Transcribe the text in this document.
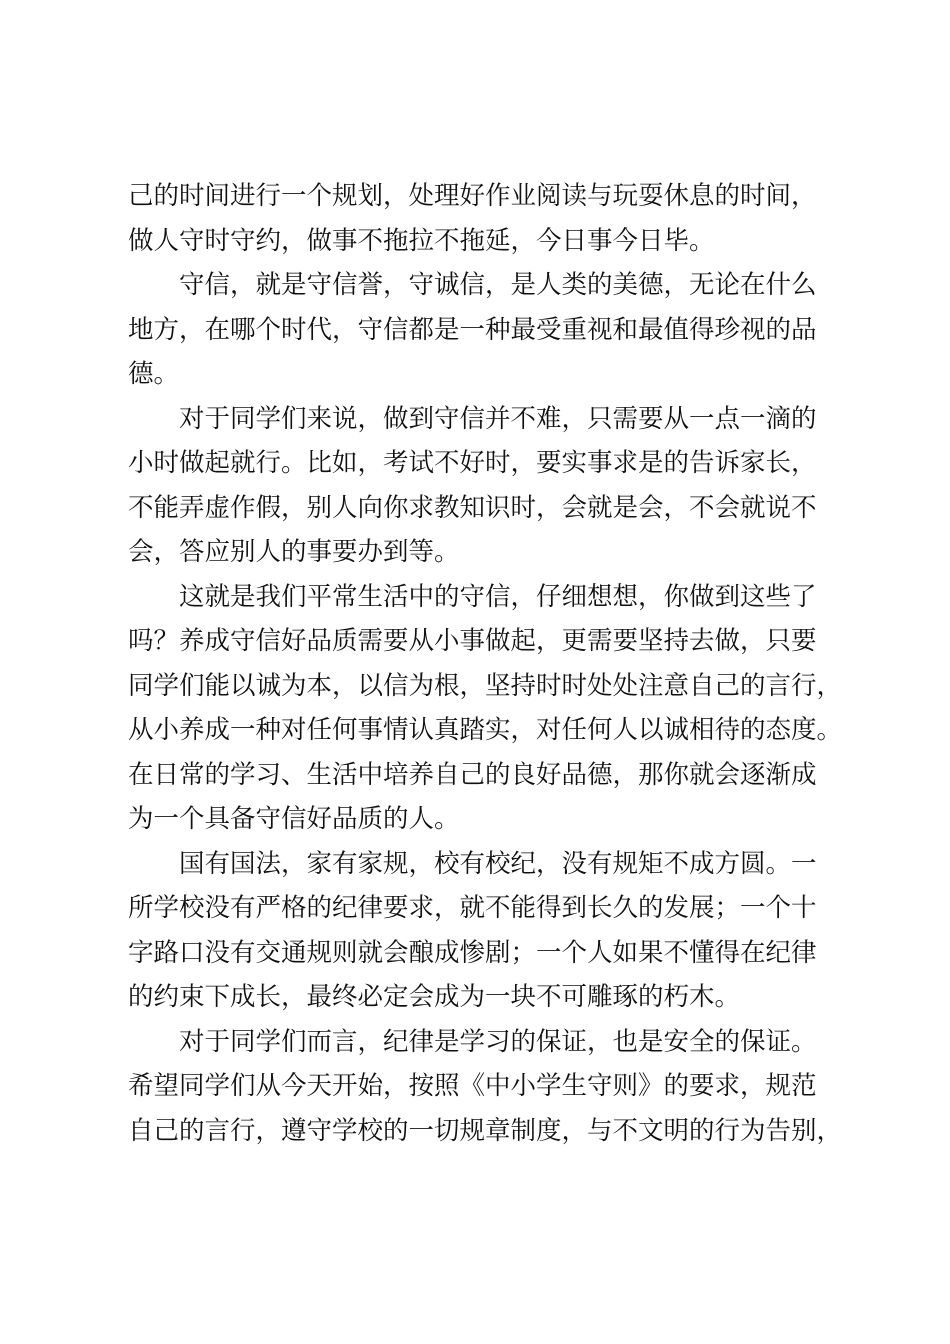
己的时间进行一个规划，处理好作业阅读与玩耍休息的时间，
做人守时守约，做事不拖拉不拖延，今日事今日毕。
守信，就是守信誉，守诚信，是人类的美德，无论在什么
地方，在哪个时代，守信都是一种最受重视和最值得珍视的品
德。
对于同学们来说，做到守信并不难，只需要从一点一滴的
小时做起就行。比如，考试不好时，要实事求是的告诉家长，
不能弄虚作假，别人向你求教知识时，会就是会，不会就说不
会，答应别人的事要办到等。
这就是我们平常生活中的守信，仔细想想，你做到这些了
吗？养成守信好品质需要从小事做起，更需要坚持去做，只要
同学们能以诚为本，以信为根，坚持时时处处注意自己的言行，
从小养成一种对任何事情认真踏实，对任何人以诚相待的态度。
在日常的学习、生活中培养自己的良好品德，那你就会逐渐成
为一个具备守信好品质的人。
国有国法，家有家规，校有校纪，没有规矩不成方圆。一
所学校没有严格的纪律要求，就不能得到长久的发展；一个十
字路口没有交通规则就会酿成惨剧；一个人如果不懂得在纪律
的约束下成长，最终必定会成为一块不可雕琢的朽木。
对于同学们而言，纪律是学习的保证，也是安全的保证。
希望同学们从今天开始，按照《中小学生守则》的要求，规范
自己的言行，遵守学校的一切规章制度，与不文明的行为告别，
